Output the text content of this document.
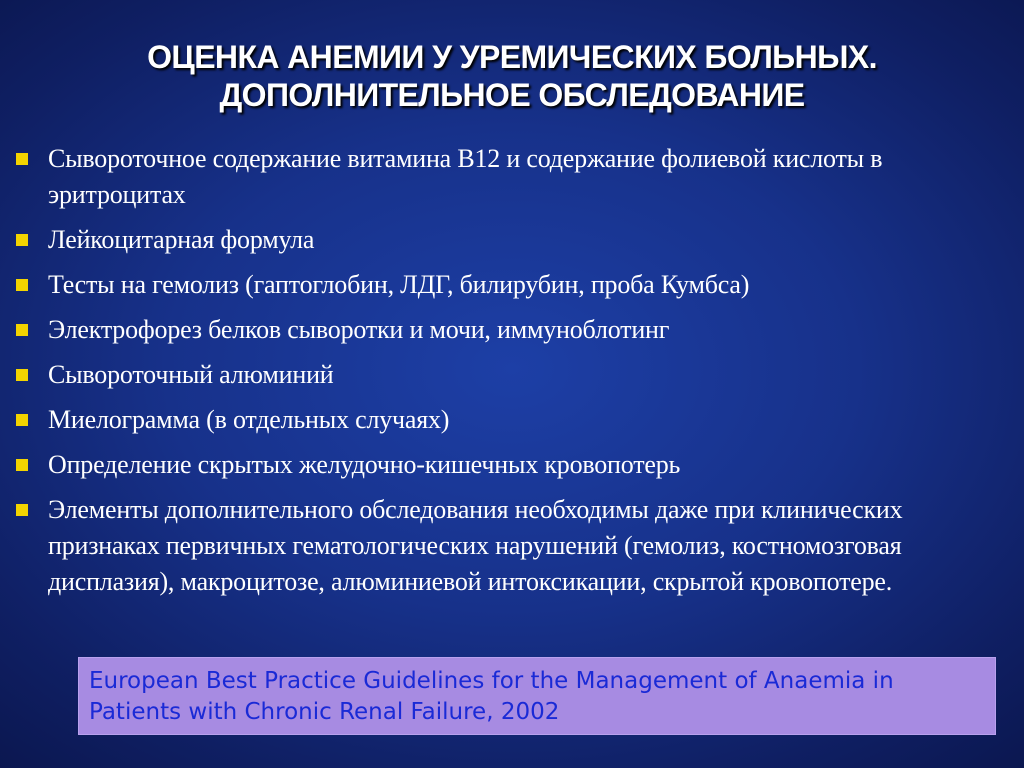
ОЦЕНКА АНЕМИИ У УРЕМИЧЕСКИХ БОЛЬНЫХ.
ДОПОЛНИТЕЛЬНОЕ ОБСЛЕДОВАНИЕ
Сывороточное содержание витамина B12 и содержание фолиевой кислоты в эритроцитах
Лейкоцитарная формула
Тесты на гемолиз (гаптоглобин, ЛДГ, билирубин, проба Кумбса)
Электрофорез белков сыворотки и мочи, иммуноблотинг
Сывороточный алюминий
Миелограмма (в отдельных случаях)
Определение скрытых желудочно-кишечных кровопотерь
Элементы дополнительного обследования необходимы даже при клинических признаках первичных гематологических нарушений (гемолиз, костномозговая дисплазия), макроцитозе, алюминиевой интоксикации, скрытой кровопотере.
European Best Practice Guidelines for the Management of Anaemia in Patients with Chronic Renal Failure, 2002
